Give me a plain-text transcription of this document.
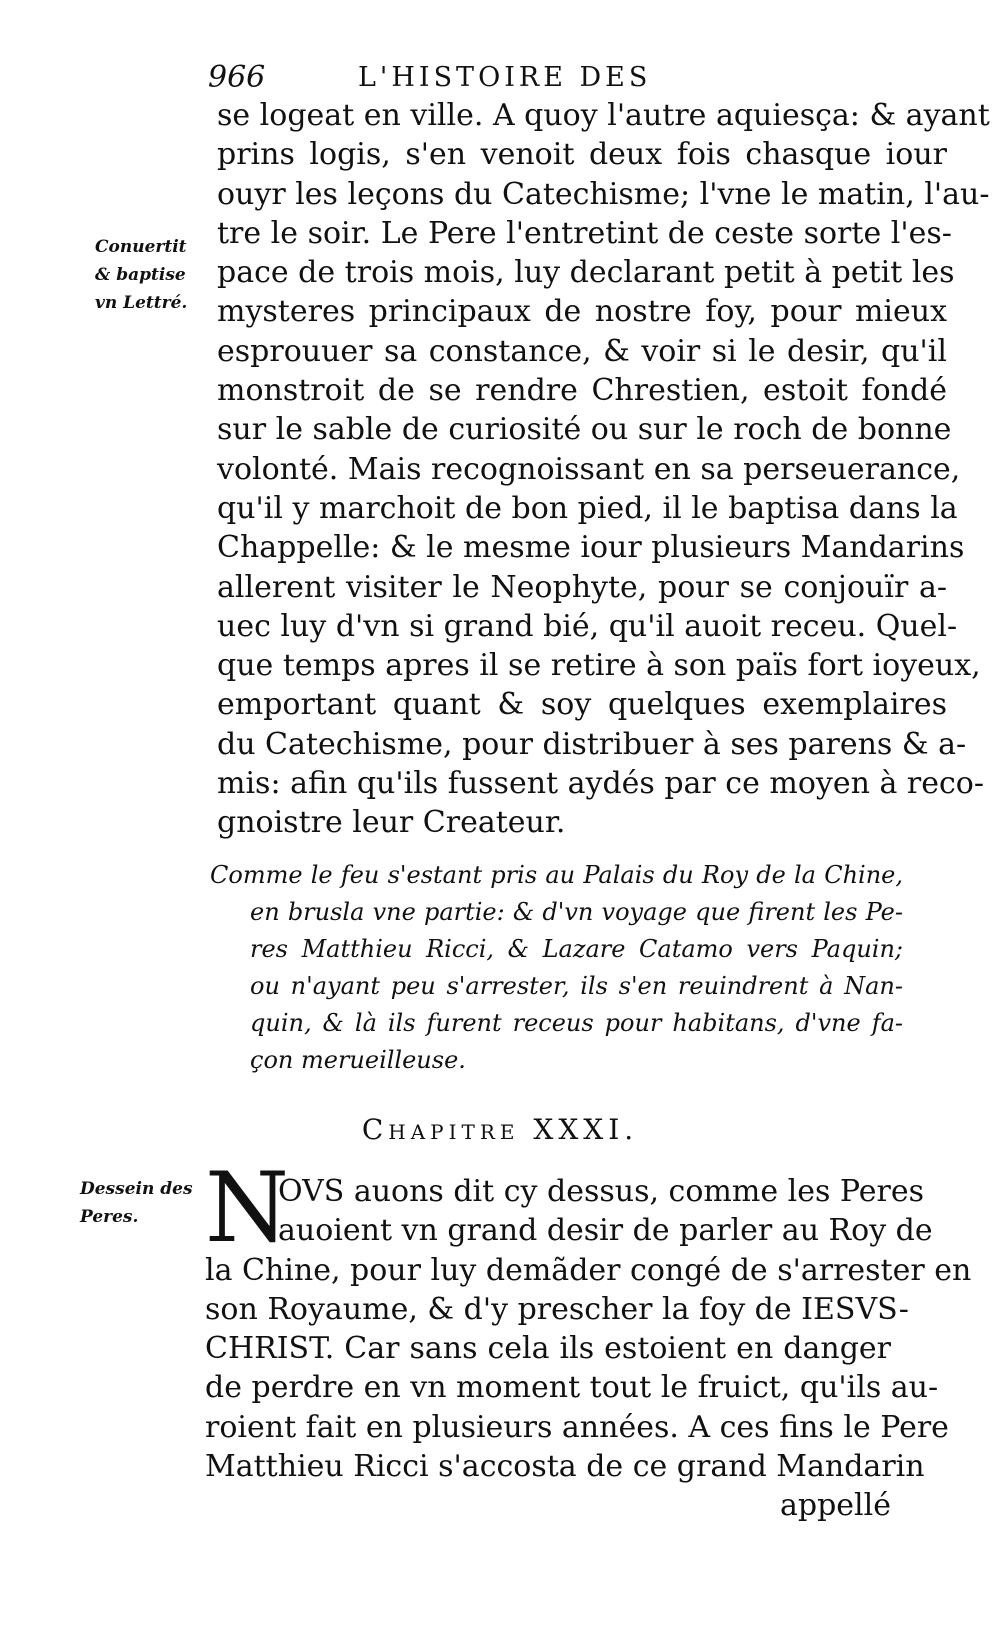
966	L'HISTOIRE DES
Conuertit
& baptise
vn Lettré.
se logeat en ville. A quoy l'autre aquiesça: & ayant
prins logis, s'en venoit deux fois chasque iour
ouyr les leçons du Catechisme; l'vne le matin, l'au-
tre le soir. Le Pere l'entretint de ceste sorte l'es-
pace de trois mois, luy declarant petit à petit les
mysteres principaux de nostre foy, pour mieux
esprouuer sa constance, & voir si le desir, qu'il
monstroit de se rendre Chrestien, estoit fondé
sur le sable de curiosité ou sur le roch de bonne
volonté. Mais recognoissant en sa perseuerance,
qu'il y marchoit de bon pied, il le baptisa dans la
Chappelle: & le mesme iour plusieurs Mandarins
allerent visiter le Neophyte, pour se conjouïr a-
uec luy d'vn si grand bié, qu'il auoit receu. Quel-
que temps apres il se retire à son païs fort ioyeux,
emportant quant & soy quelques exemplaires
du Catechisme, pour distribuer à ses parens & a-
mis: afin qu'ils fussent aydés par ce moyen à reco-
gnoistre leur Createur.
Comme le feu s'estant pris au Palais du Roy de la Chine,
en brusla vne partie: & d'vn voyage que firent les Pe-
res Matthieu Ricci, & Lazare Catamo vers Paquin;
ou n'ayant peu s'arrester, ils s'en reuindrent à Nan-
quin, & là ils furent receus pour habitans, d'vne fa-
çon merueilleuse.
Chapitre XXXI.
Dessein des
Peres. N
OVS auons dit cy dessus, comme les Peres
auoient vn grand desir de parler au Roy de
la Chine, pour luy demãder congé de s'arrester en
son Royaume, & d'y prescher la foy de IESVS-
CHRIST. Car sans cela ils estoient en danger
de perdre en vn moment tout le fruict, qu'ils au-
roient fait en plusieurs années. A ces fins le Pere
Matthieu Ricci s'accosta de ce grand Mandarin
appellé
